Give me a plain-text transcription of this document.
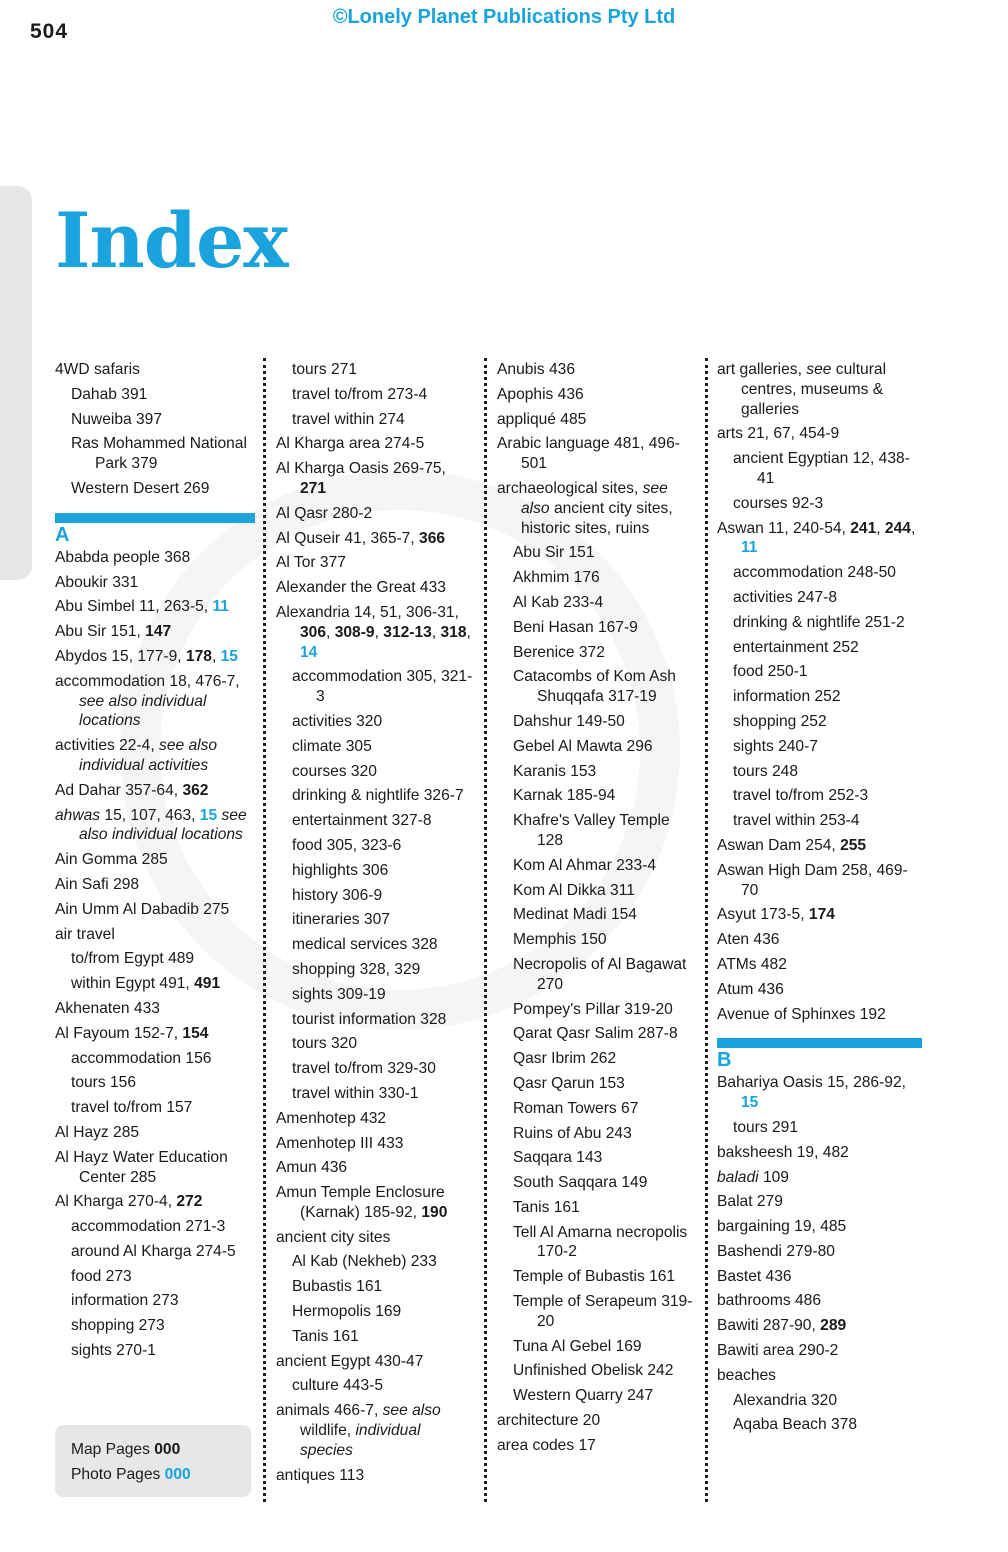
504
©Lonely Planet Publications Pty Ltd
Index
4WD safaris
Dahab 391
Nuweiba 397
Ras Mohammed National Park 379
Western Desert 269
A
Ababda people 368
Aboukir 331
Abu Simbel 11, 263-5, 11
Abu Sir 151, 147
Abydos 15, 177-9, 178, 15
accommodation 18, 476-7, see also individual locations
activities 22-4, see also individual activities
Ad Dahar 357-64, 362
ahwas 15, 107, 463, 15 see also individual locations
Ain Gomma 285
Ain Safi 298
Ain Umm Al Dabadib 275
air travel
to/from Egypt 489
within Egypt 491, 491
Akhenaten 433
Al Fayoum 152-7, 154
accommodation 156
tours 156
travel to/from 157
Al Hayz 285
Al Hayz Water Education Center 285
Al Kharga 270-4, 272
accommodation 271-3
around Al Kharga 274-5
food 273
information 273
shopping 273
sights 270-1
tours 271
travel to/from 273-4
travel within 274
Al Kharga area 274-5
Al Kharga Oasis 269-75, 271
Al Qasr 280-2
Al Quseir 41, 365-7, 366
Al Tor 377
Alexander the Great 433
Alexandria 14, 51, 306-31, 306, 308-9, 312-13, 318, 14
accommodation 305, 321-3
activities 320
climate 305
courses 320
drinking & nightlife 326-7
entertainment 327-8
food 305, 323-6
highlights 306
history 306-9
itineraries 307
medical services 328
shopping 328, 329
sights 309-19
tourist information 328
tours 320
travel to/from 329-30
travel within 330-1
Amenhotep 432
Amenhotep III 433
Amun 436
Amun Temple Enclosure (Karnak) 185-92, 190
ancient city sites
Al Kab (Nekheb) 233
Bubastis 161
Hermopolis 169
Tanis 161
ancient Egypt 430-47
culture 443-5
animals 466-7, see also wildlife, individual species
antiques 113
Anubis 436
Apophis 436
appliqué 485
Arabic language 481, 496-501
archaeological sites, see also ancient city sites, historic sites, ruins
Abu Sir 151
Akhmim 176
Al Kab 233-4
Beni Hasan 167-9
Berenice 372
Catacombs of Kom Ash Shuqqafa 317-19
Dahshur 149-50
Gebel Al Mawta 296
Karanis 153
Karnak 185-94
Khafre's Valley Temple 128
Kom Al Ahmar 233-4
Kom Al Dikka 311
Medinat Madi 154
Memphis 150
Necropolis of Al Bagawat 270
Pompey's Pillar 319-20
Qarat Qasr Salim 287-8
Qasr Ibrim 262
Qasr Qarun 153
Roman Towers 67
Ruins of Abu 243
Saqqara 143
South Saqqara 149
Tanis 161
Tell Al Amarna necropolis 170-2
Temple of Bubastis 161
Temple of Serapeum 319-20
Tuna Al Gebel 169
Unfinished Obelisk 242
Western Quarry 247
architecture 20
area codes 17
art galleries, see cultural centres, museums & galleries
arts 21, 67, 454-9
ancient Egyptian 12, 438-41
courses 92-3
Aswan 11, 240-54, 241, 244, 11
accommodation 248-50
activities 247-8
drinking & nightlife 251-2
entertainment 252
food 250-1
information 252
shopping 252
sights 240-7
tours 248
travel to/from 252-3
travel within 253-4
Aswan Dam 254, 255
Aswan High Dam 258, 469-70
Asyut 173-5, 174
Aten 436
ATMs 482
Atum 436
Avenue of Sphinxes 192
B
Bahariya Oasis 15, 286-92, 15
tours 291
baksheesh 19, 482
baladi 109
Balat 279
bargaining 19, 485
Bashendi 279-80
Bastet 436
bathrooms 486
Bawiti 287-90, 289
Bawiti area 290-2
beaches
Alexandria 320
Aqaba Beach 378
Map Pages 000
Photo Pages 000
